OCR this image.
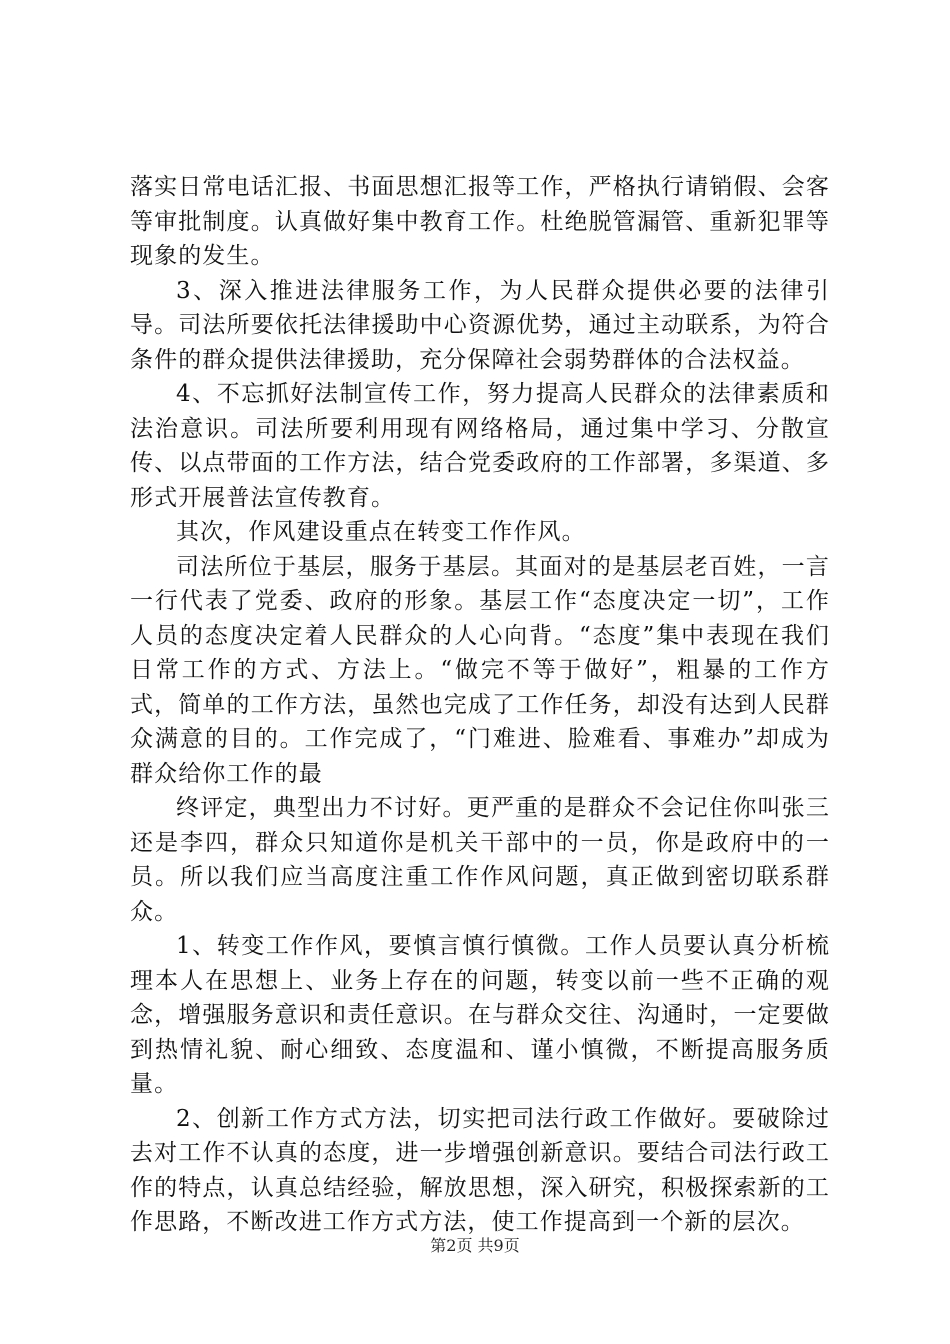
落实日常电话汇报、书面思想汇报等工作，严格执行请销假、会客等审批制度。认真做好集中教育工作。杜绝脱管漏管、重新犯罪等现象的发生。

3、深入推进法律服务工作，为人民群众提供必要的法律引导。司法所要依托法律援助中心资源优势，通过主动联系，为符合条件的群众提供法律援助，充分保障社会弱势群体的合法权益。

4、不忘抓好法制宣传工作，努力提高人民群众的法律素质和法治意识。司法所要利用现有网络格局，通过集中学习、分散宣传、以点带面的工作方法，结合党委政府的工作部署，多渠道、多形式开展普法宣传教育。

其次，作风建设重点在转变工作作风。

司法所位于基层，服务于基层。其面对的是基层老百姓，一言一行代表了党委、政府的形象。基层工作“态度决定一切”，工作人员的态度决定着人民群众的人心向背。“态度”集中表现在我们日常工作的方式、方法上。“做完不等于做好”，粗暴的工作方式，简单的工作方法，虽然也完成了工作任务，却没有达到人民群众满意的目的。工作完成了，“门难进、脸难看、事难办”却成为群众给你工作的最

终评定，典型出力不讨好。更严重的是群众不会记住你叫张三还是李四，群众只知道你是机关干部中的一员，你是政府中的一员。所以我们应当高度注重工作作风问题，真正做到密切联系群众。

1、转变工作作风，要慎言慎行慎微。工作人员要认真分析梳理本人在思想上、业务上存在的问题，转变以前一些不正确的观念，增强服务意识和责任意识。在与群众交往、沟通时，一定要做到热情礼貌、耐心细致、态度温和、谨小慎微，不断提高服务质量。

2、创新工作方式方法，切实把司法行政工作做好。要破除过去对工作不认真的态度，进一步增强创新意识。要结合司法行政工作的特点，认真总结经验，解放思想，深入研究，积极探索新的工作思路，不断改进工作方式方法，使工作提高到一个新的层次。

第2页 共9页
